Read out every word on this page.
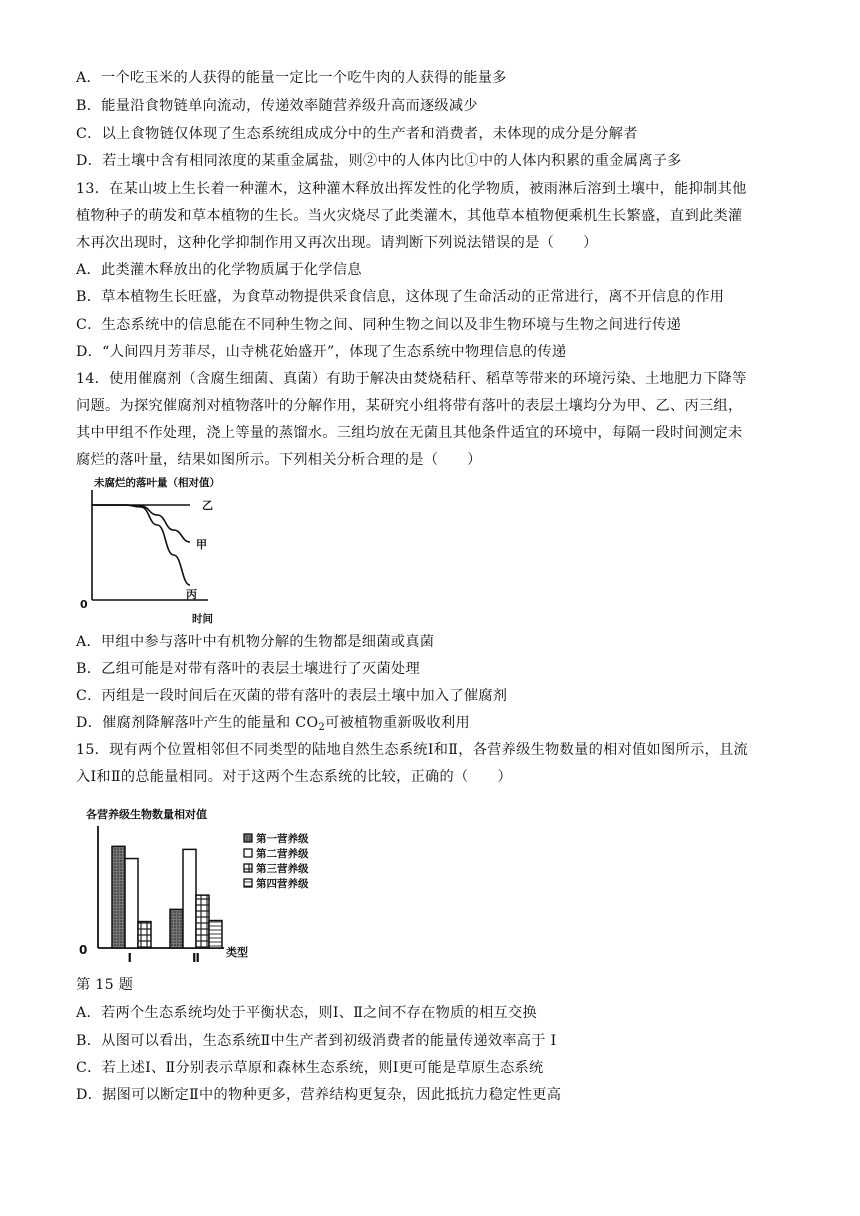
A．一个吃玉米的人获得的能量一定比一个吃牛肉的人获得的能量多
B．能量沿食物链单向流动，传递效率随营养级升高而逐级减少
C．以上食物链仅体现了生态系统组成成分中的生产者和消费者，未体现的成分是分解者
D．若土壤中含有相同浓度的某重金属盐，则②中的人体内比①中的人体内积累的重金属离子多
13．在某山坡上生长着一种灌木，这种灌木释放出挥发性的化学物质，被雨淋后溶到土壤中，能抑制其他
植物种子的萌发和草本植物的生长。当火灾烧尽了此类灌木，其他草本植物便乘机生长繁盛，直到此类灌
木再次出现时，这种化学抑制作用又再次出现。请判断下列说法错误的是（　　）
A．此类灌木释放出的化学物质属于化学信息
B．草本植物生长旺盛，为食草动物提供采食信息，这体现了生命活动的正常进行，离不开信息的作用
C．生态系统中的信息能在不同种生物之间、同种生物之间以及非生物环境与生物之间进行传递
D．“人间四月芳菲尽，山寺桃花始盛开”，体现了生态系统中物理信息的传递
14．使用催腐剂（含腐生细菌、真菌）有助于解决由焚烧秸秆、稻草等带来的环境污染、土地肥力下降等
问题。为探究催腐剂对植物落叶的分解作用，某研究小组将带有落叶的表层土壤均分为甲、乙、丙三组，
其中甲组不作处理，浇上等量的蒸馏水。三组均放在无菌且其他条件适宜的环境中，每隔一段时间测定未
腐烂的落叶量，结果如图所示。下列相关分析合理的是（　　）
未腐烂的落叶量（相对值）
0
时间
乙
甲
丙
A．甲组中参与落叶中有机物分解的生物都是细菌或真菌
B．乙组可能是对带有落叶的表层土壤进行了灭菌处理
C．丙组是一段时间后在灭菌的带有落叶的表层土壤中加入了催腐剂
D．催腐剂降解落叶产生的能量和 $CO_2$可被植物重新吸收利用
15．现有两个位置相邻但不同类型的陆地自然生态系统Ⅰ和Ⅱ，各营养级生物数量的相对值如图所示，且流
入Ⅰ和Ⅱ的总能量相同。对于这两个生态系统的比较，正确的（　　）
各营养级生物数量相对值
0	类型
Ⅰ	Ⅱ
第一营养级
第二营养级
第三营养级
第四营养级
第 15 题
A．若两个生态系统均处于平衡状态，则Ⅰ、Ⅱ之间不存在物质的相互交换
B．从图可以看出，生态系统Ⅱ中生产者到初级消费者的能量传递效率高于 Ⅰ
C．若上述Ⅰ、Ⅱ分别表示草原和森林生态系统，则Ⅰ更可能是草原生态系统
D．据图可以断定Ⅱ中的物种更多，营养结构更复杂，因此抵抗力稳定性更高
